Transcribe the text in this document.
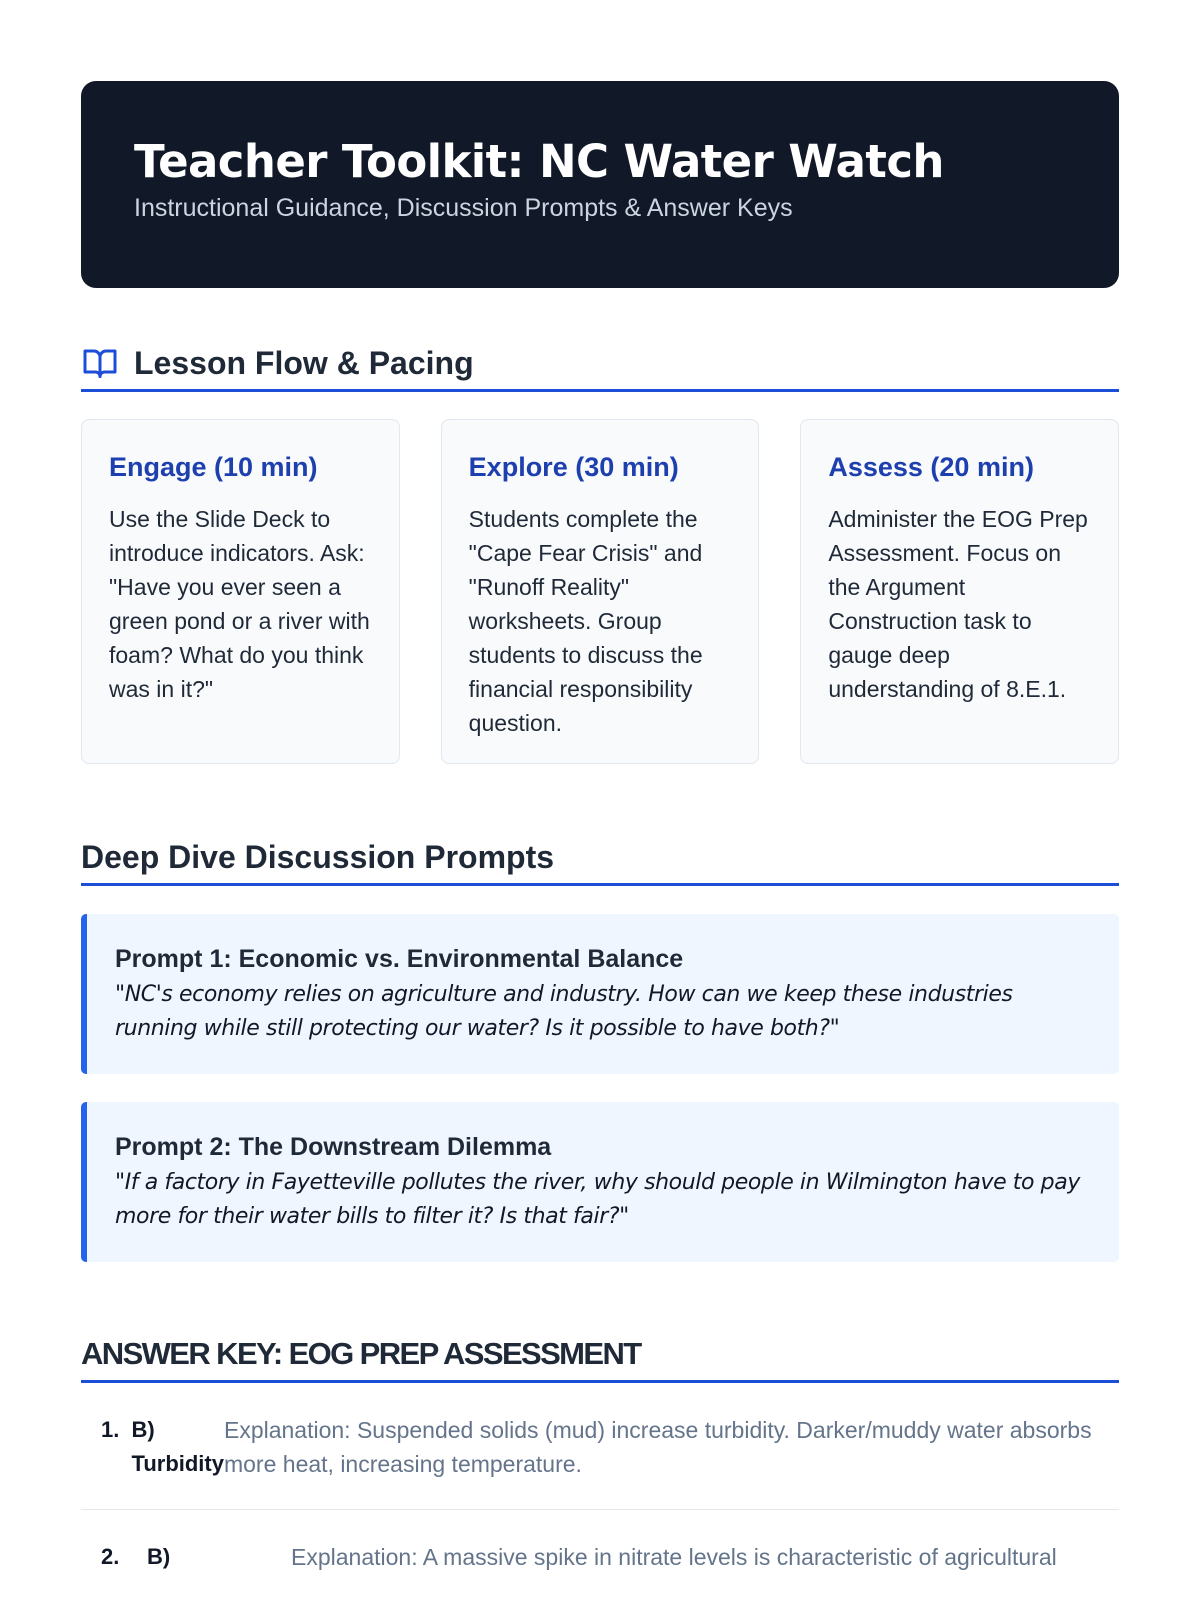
Teacher Toolkit: NC Water Watch
Instructional Guidance, Discussion Prompts & Answer Keys
Lesson Flow & Pacing
Engage (10 min)

Use the Slide Deck to introduce indicators. Ask: "Have you ever seen a green pond or a river with foam? What do you think was in it?"

Explore (30 min)

Students complete the "Cape Fear Crisis" and "Runoff Reality" worksheets. Group students to discuss the financial responsibility question.

Assess (20 min)

Administer the EOG Prep Assessment. Focus on the Argument Construction task to gauge deep understanding of 8.E.1.

Deep Dive Discussion Prompts
Prompt 1: Economic vs. Environmental Balance

"NC's economy relies on agriculture and industry. How can we keep these industries running while still protecting our water? Is it possible to have both?"

Prompt 2: The Downstream Dilemma

"If a factory in Fayetteville pollutes the river, why should people in Wilmington have to pay more for their water bills to filter it? Is that fair?"

ANSWER KEY: EOG PREP ASSESSMENT
1. B) Turbidity
Explanation: Suspended solids (mud) increase turbidity. Darker/muddy water absorbs more heat, increasing temperature.
2.	B)	Explanation: A massive spike in nitrate levels is characteristic of agricultural
